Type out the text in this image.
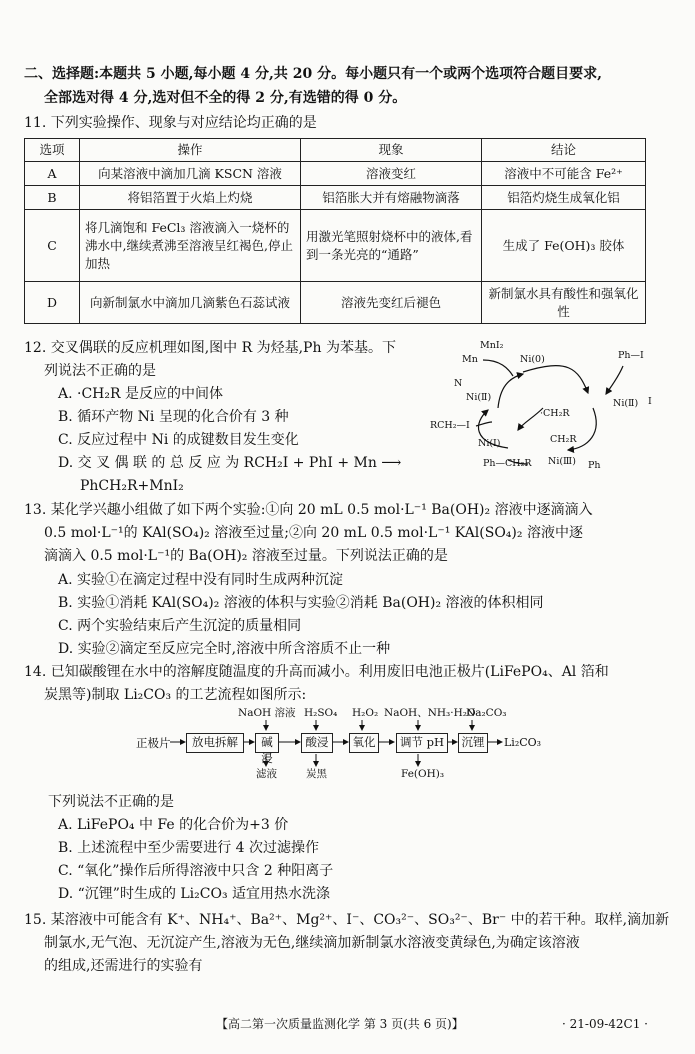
二、选择题:本题共 5 小题,每小题 4 分,共 20 分。每小题只有一个或两个选项符合题目要求,
全部选对得 4 分,选对但不全的得 2 分,有选错的得 0 分。
11. 下列实验操作、现象与对应结论均正确的是
选项	操作	现象	结论
A	向某溶液中滴加几滴 KSCN 溶液	溶液变红	溶液中不可能含 Fe²⁺
B	将铝箔置于火焰上灼烧	铝箔胀大并有熔融物滴落	铝箔灼烧生成氧化铝
C	将几滴饱和 FeCl₃ 溶液滴入一烧杯的沸水中,继续煮沸至溶液呈红褐色,停止加热	用激光笔照射烧杯中的液体,看到一条光亮的“通路”	生成了 Fe(OH)₃ 胶体
D	向新制氯水中滴加几滴紫色石蕊试液	溶液先变红后褪色	新制氯水具有酸性和强氧化性
12. 交叉偶联的反应机理如图,图中 R 为烃基,Ph 为苯基。下
列说法不正确的是
A. ·CH₂R 是反应的中间体
B. 循环产物 Ni 呈现的化合价有 3 种
C. 反应过程中 Ni 的成键数目发生变化
D. 交 叉 偶 联 的 总 反 应 为 RCH₂I + PhI + Mn ⟶
PhCH₂R+MnI₂
MnI₂
Mn	Ni(0)	Ph—I
Ni(Ⅱ)
Ni(Ⅱ)
RCH₂—I
·CH₂R
Ni(Ⅰ)	CH₂R
Ni(Ⅲ) Ph
Ph—CH₂R
I
N
13. 某化学兴趣小组做了如下两个实验:①向 20 mL 0.5 mol·L⁻¹ Ba(OH)₂ 溶液中逐滴滴入
0.5 mol·L⁻¹的 KAl(SO₄)₂ 溶液至过量;②向 20 mL 0.5 mol·L⁻¹ KAl(SO₄)₂ 溶液中逐
滴滴入 0.5 mol·L⁻¹的 Ba(OH)₂ 溶液至过量。下列说法正确的是
A. 实验①在滴定过程中没有同时生成两种沉淀
B. 实验①消耗 KAl(SO₄)₂ 溶液的体积与实验②消耗 Ba(OH)₂ 溶液的体积相同
C. 两个实验结束后产生沉淀的质量相同
D. 实验②滴定至反应完全时,溶液中所含溶质不止一种
14. 已知碳酸锂在水中的溶解度随温度的升高而减小。利用废旧电池正极片(LiFePO₄、Al 箔和
炭黑等)制取 Li₂CO₃ 的工艺流程如图所示:
正极片	放电拆解	碱浸
酸浸	氧化	调节 pH	沉锂	Li₂CO₃
NaOH 溶液 H₂SO₄ H₂O₂ NaOH、NH₃·H₂O
Na₂CO₃
滤液	炭黑	Fe(OH)₃
下列说法不正确的是
A. LiFePO₄ 中 Fe 的化合价为+3 价
B. 上述流程中至少需要进行 4 次过滤操作
C. “氧化”操作后所得溶液中只含 2 种阳离子
D. “沉锂”时生成的 Li₂CO₃ 适宜用热水洗涤
15. 某溶液中可能含有 K⁺、NH₄⁺、Ba²⁺、Mg²⁺、I⁻、CO₃²⁻、SO₃²⁻、Br⁻ 中的若干种。取样,滴加新
制氯水,无气泡、无沉淀产生,溶液为无色,继续滴加新制氯水溶液变黄绿色,为确定该溶液
的组成,还需进行的实验有
【高二第一次质量监测化学 第 3 页(共 6 页)】	· 21-09-42C1 ·
